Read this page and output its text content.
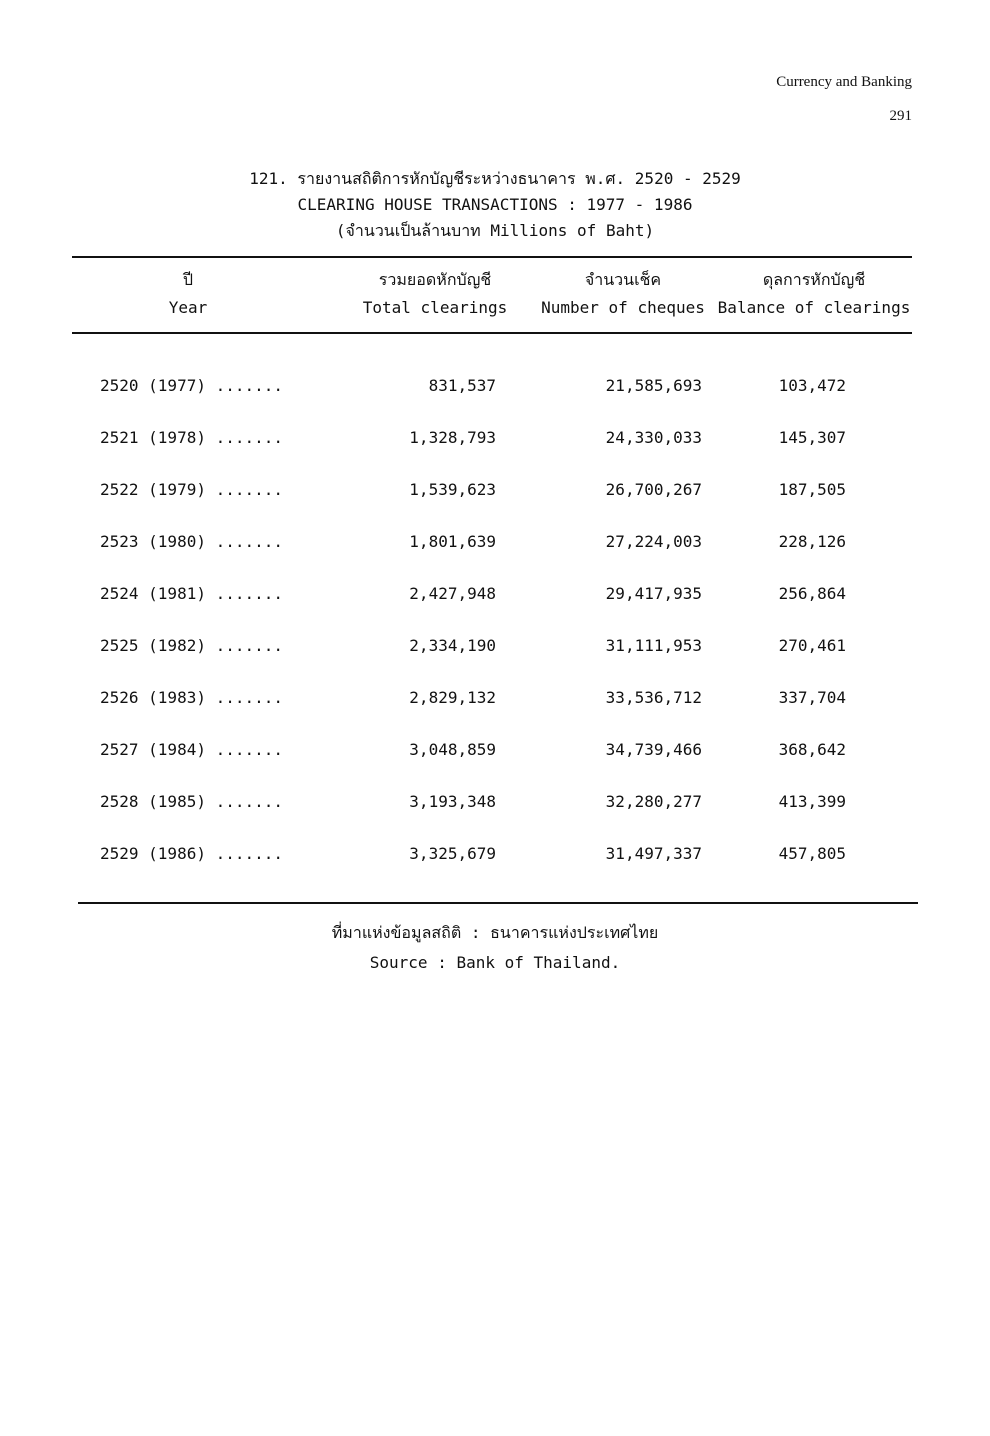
Currency and Banking
291
121. รายงานสถิติการหักบัญชีระหว่างธนาคาร พ.ศ. 2520 - 2529
CLEARING HOUSE TRANSACTIONS : 1977 - 1986
(จำนวนเป็นล้านบาท Millions of Baht)
ปี
Year
รวมยอดหักบัญชี
Total clearings
จำนวนเช็ค
Number of cheques
ดุลการหักบัญชี
Balance of clearings
2520 (1977) .......	831,537	21,585,693	103,472
2521 (1978) .......	1,328,793	24,330,033	145,307
2522 (1979) .......	1,539,623	26,700,267	187,505
2523 (1980) .......	1,801,639	27,224,003	228,126
2524 (1981) .......	2,427,948	29,417,935	256,864
2525 (1982) .......	2,334,190	31,111,953	270,461
2526 (1983) .......	2,829,132	33,536,712	337,704
2527 (1984) .......	3,048,859	34,739,466	368,642
2528 (1985) .......	3,193,348	32,280,277	413,399
2529 (1986) .......	3,325,679	31,497,337	457,805
ที่มาแห่งข้อมูลสถิติ : ธนาคารแห่งประเทศไทย
Source : Bank of Thailand.
